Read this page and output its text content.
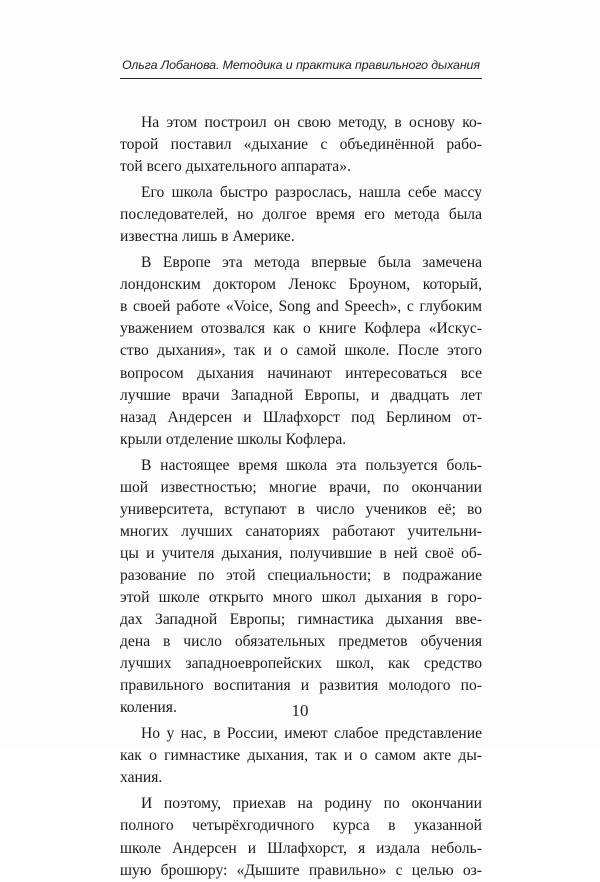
Ольга Лобанова. Методика и практика правильного дыхания
На этом построил он свою методу, в основу ко-
торой поставил «дыхание с объединённой рабо-
той всего дыхательного аппарата».
Его школа быстро разрослась, нашла себе массу
последователей, но долгое время его метода была
известна лишь в Америке.
В Европе эта метода впервые была замечена
лондонским доктором Ленокс Броуном, который,
в своей работе «Voice, Song and Speech», с глубоким
уважением отозвался как о книге Кофлера «Искус-
ство дыхания», так и о самой школе. После этого
вопросом дыхания начинают интересоваться все
лучшие врачи Западной Европы, и двадцать лет
назад Андерсен и Шлафхорст под Берлином от-
крыли отделение школы Кофлера.
В настоящее время школа эта пользуется боль-
шой известностью; многие врачи, по окончании
университета, вступают в число учеников её; во
многих лучших санаториях работают учительни-
цы и учителя дыхания, получившие в ней своё об-
разование по этой специальности; в подражание
этой школе открыто много школ дыхания в горо-
дах Западной Европы; гимнастика дыхания вве-
дена в число обязательных предметов обучения
лучших западноевропейских школ, как средство
правильного воспитания и развития молодого по-
коления.
Но у нас, в России, имеют слабое представление
как о гимнастике дыхания, так и о самом акте ды-
хания.
И поэтому, приехав на родину по окончании
полного четырёхгодичного курса в указанной
школе Андерсен и Шлафхорст, я издала неболь-
шую брошюру: «Дышите правильно» с целью оз-
10
